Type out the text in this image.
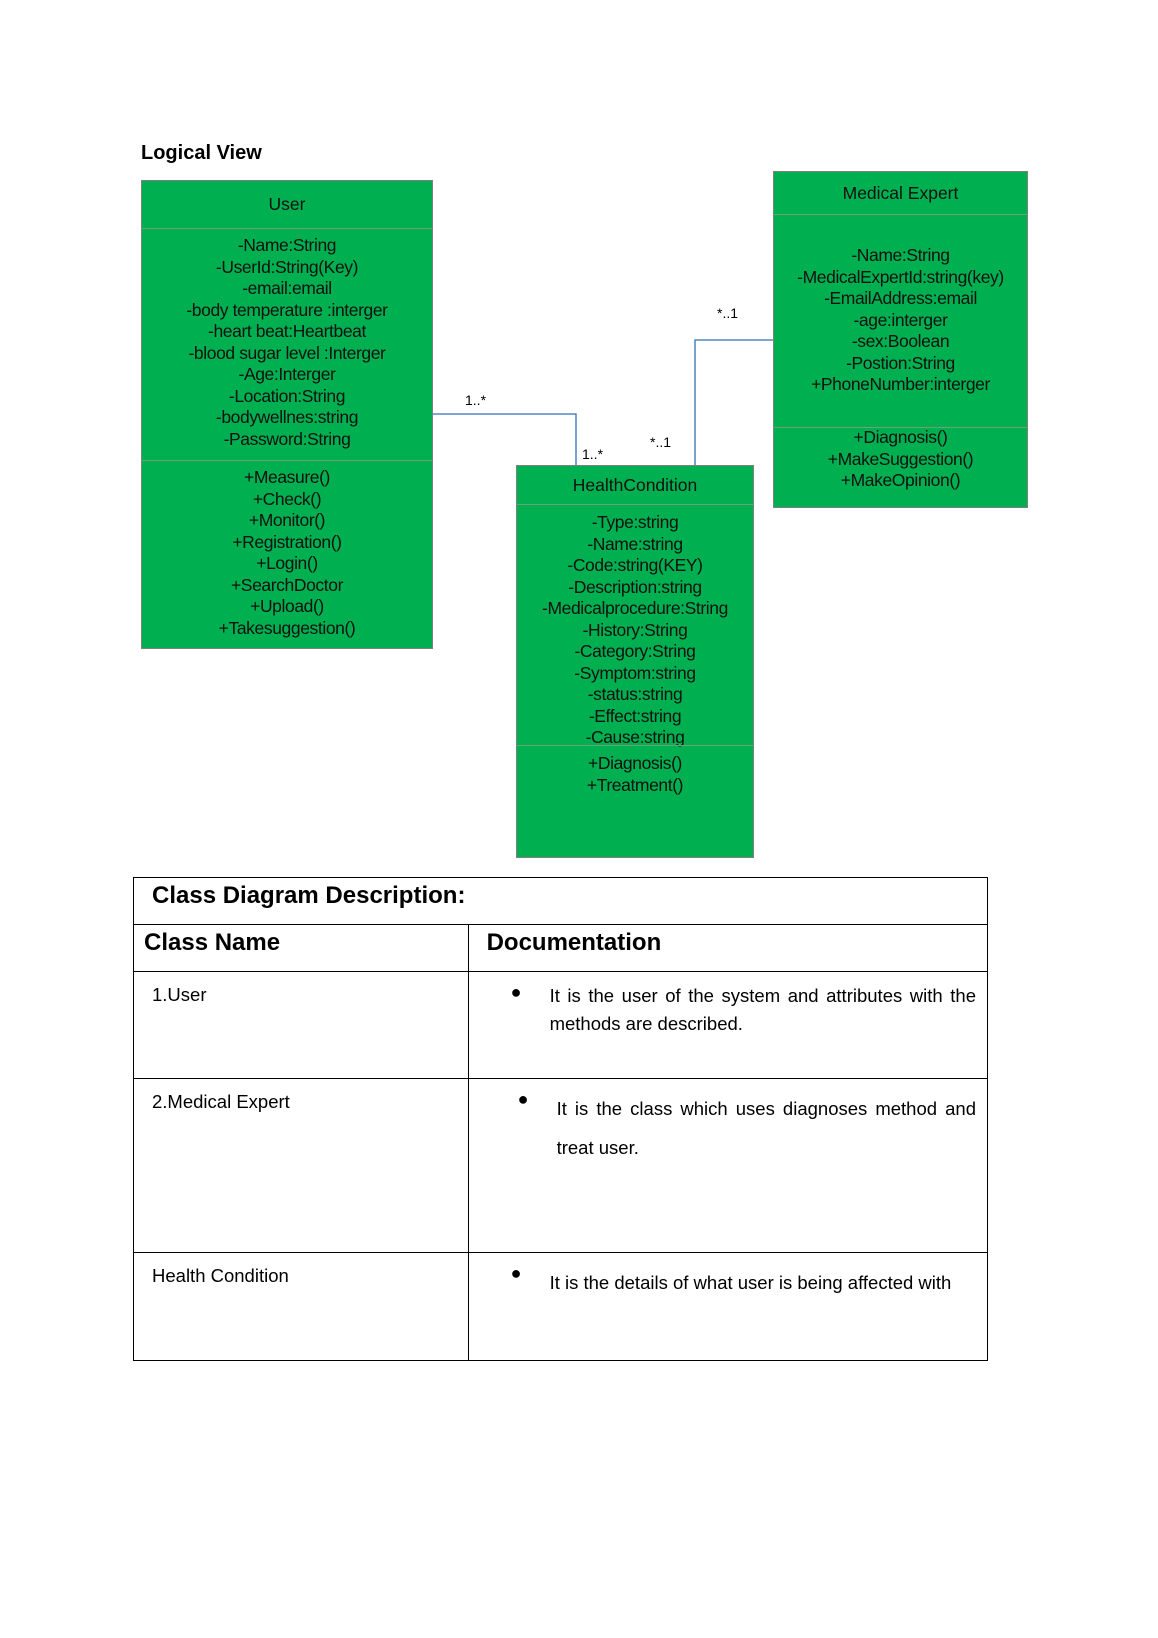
Logical View
1..*
1..*
*..1
*..1
User
-Name:String
-UserId:String(Key)
-email:email
-body temperature :interger
-heart beat:Heartbeat
-blood sugar level :Interger
-Age:Interger
-Location:String
-bodywellnes:string
-Password:String
+Measure()
+Check()
+Monitor()
+Registration()
+Login()
+SearchDoctor
+Upload()
+Takesuggestion()
HealthCondition
-Type:string
-Name:string
-Code:string(KEY)
-Description:string
-Medicalprocedure:String
-History:String
-Category:String
-Symptom:string
-status:string
-Effect:string
-Cause:string
+Diagnosis()
+Treatment()
Medical Expert
-Name:String
-MedicalExpertId:string(key)
-EmailAddress:email
-age:interger
-sex:Boolean
-Postion:String
+PhoneNumber:interger
+Diagnosis()
+MakeSuggestion()
+MakeOpinion()
Class Diagram Description:	
Class Name	Documentation
1.User	● It is the user of the system and attributes with the methods are described.

2.Medical Expert	● It is the class which uses diagnoses method and treat user.

Health Condition	● It is the details of what user is being affected with
